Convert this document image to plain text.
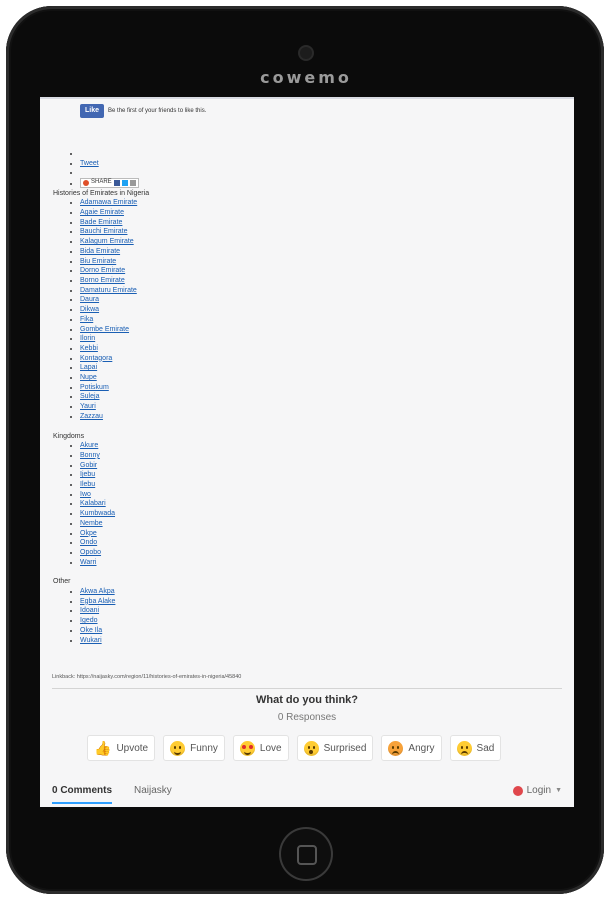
cowemo
Like	Be the first of your friends to like this.
•
• Tweet
•
• SHARE
Histories of Emirates in Nigeria
• Adamawa Emirate
• Agaie Emirate
• Bade Emirate
• Bauchi Emirate
• Kalagum Emirate
• Bida Emirate
• Biu Emirate
• Dorno Emirate
• Borno Emirate
• Damaturu Emirate
• Daura
• Dikwa
• Fika
• Gombe Emirate
• Ilorin
• Kebbi
• Kontagora
• Lapai
• Nupe
• Potiskum
• Suleja
• Yauri
• Zazzau
Kingdoms
• Akure
• Bonny
• Gobir
• Ijebu
• Ilebu
• Iwo
• Kalabari
• Kumbwada
• Nembe
• Okpe
• Ondo
• Opobo
• Warri
Other
• Akwa Akpa
• Egba Alake
• Idoani
• Igedo
• Oke Ila
• Wukari
Linkback: https://naijasky.com/region/11/histories-of-emirates-in-nigeria/45840
What do you think?
0 Responses
👍 Upvote	Funny	Love	Surprised	Angry	Sad
0 Comments Naijasky	Login ▼
